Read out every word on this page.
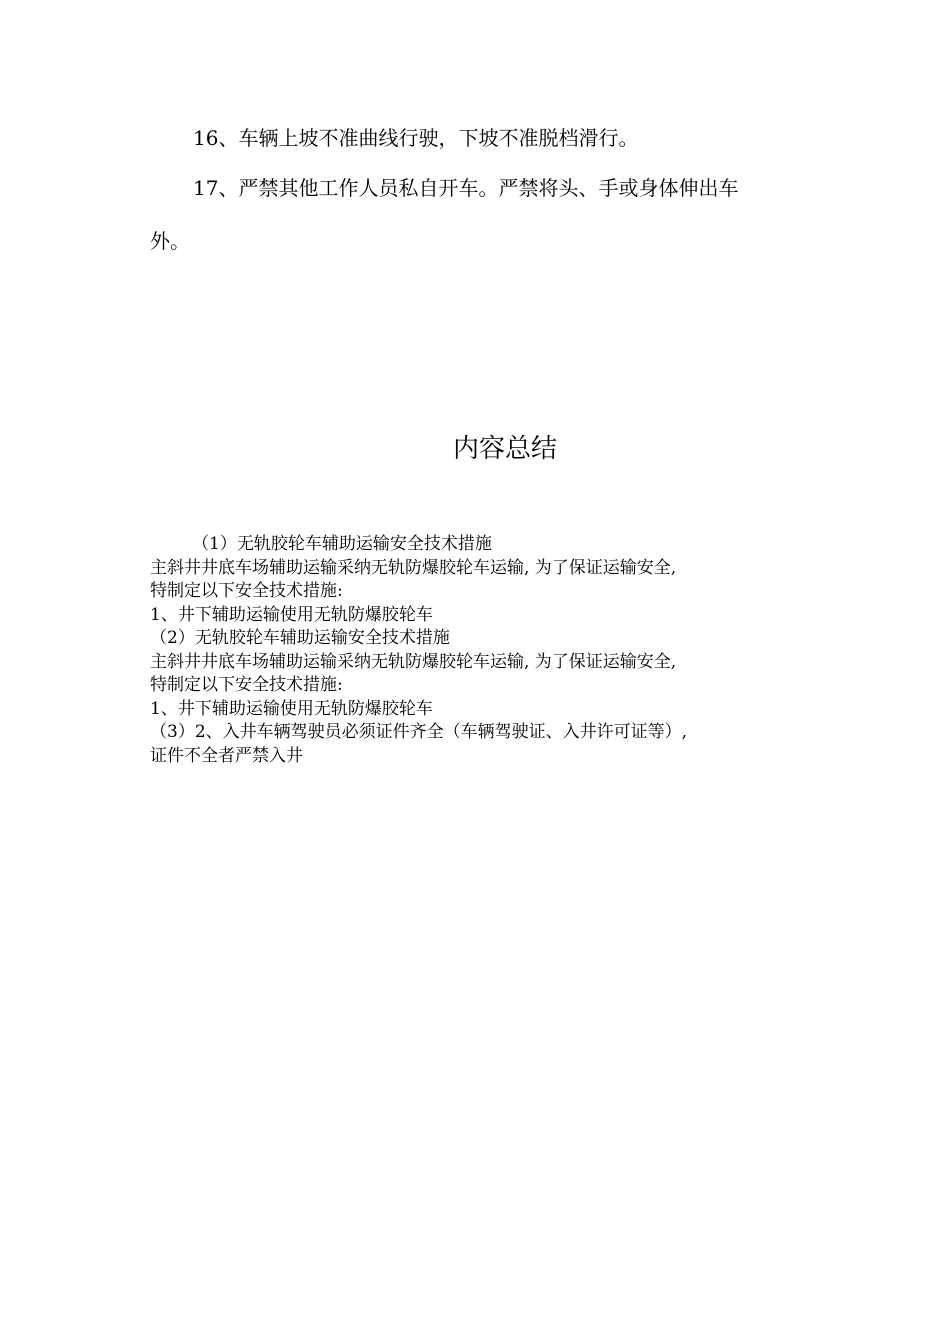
16、车辆上坡不准曲线行驶，下坡不准脱档滑行。
17、严禁其他工作人员私自开车。严禁将头、手或身体伸出车
外。
内容总结
（1）无轨胶轮车辅助运输安全技术措施
主斜井井底车场辅助运输采纳无轨防爆胶轮车运输, 为了保证运输安全,
特制定以下安全技术措施:
1、井下辅助运输使用无轨防爆胶轮车
（2）无轨胶轮车辅助运输安全技术措施
主斜井井底车场辅助运输采纳无轨防爆胶轮车运输, 为了保证运输安全,
特制定以下安全技术措施:
1、井下辅助运输使用无轨防爆胶轮车
（3）2、入井车辆驾驶员必须证件齐全（车辆驾驶证、入井许可证等）,
证件不全者严禁入井
